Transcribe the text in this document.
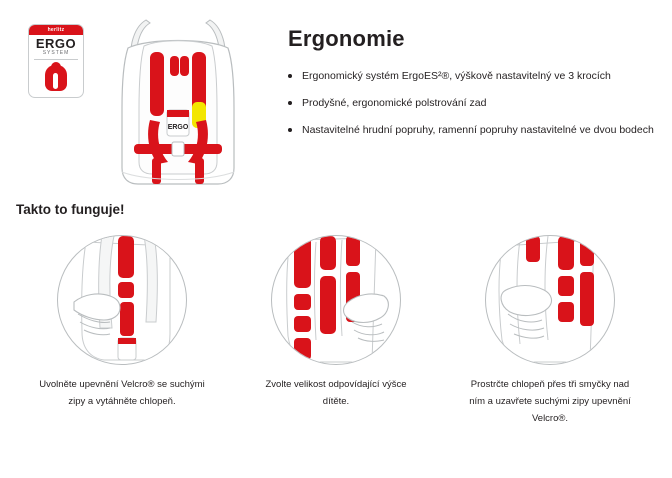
herlitz
ERGO
SYSTEM
ERGO
Ergonomie
Ergonomický systém ErgoES²®, výškově nastavitelný ve 3 krocích
Prodyšné, ergonomické polstrování zad
Nastavitelné hrudní popruhy, ramenní popruhy nastavitelné ve dvou bodech
Takto to funguje!
Uvolněte upevnění Velcro® se suchými zipy a vytáhněte chlopeň.
Zvolte velikost odpovídající výšce dítěte.
Prostrčte chlopeň přes tři smyčky nad ním a uzavřete suchými zipy upevnění Velcro®.
